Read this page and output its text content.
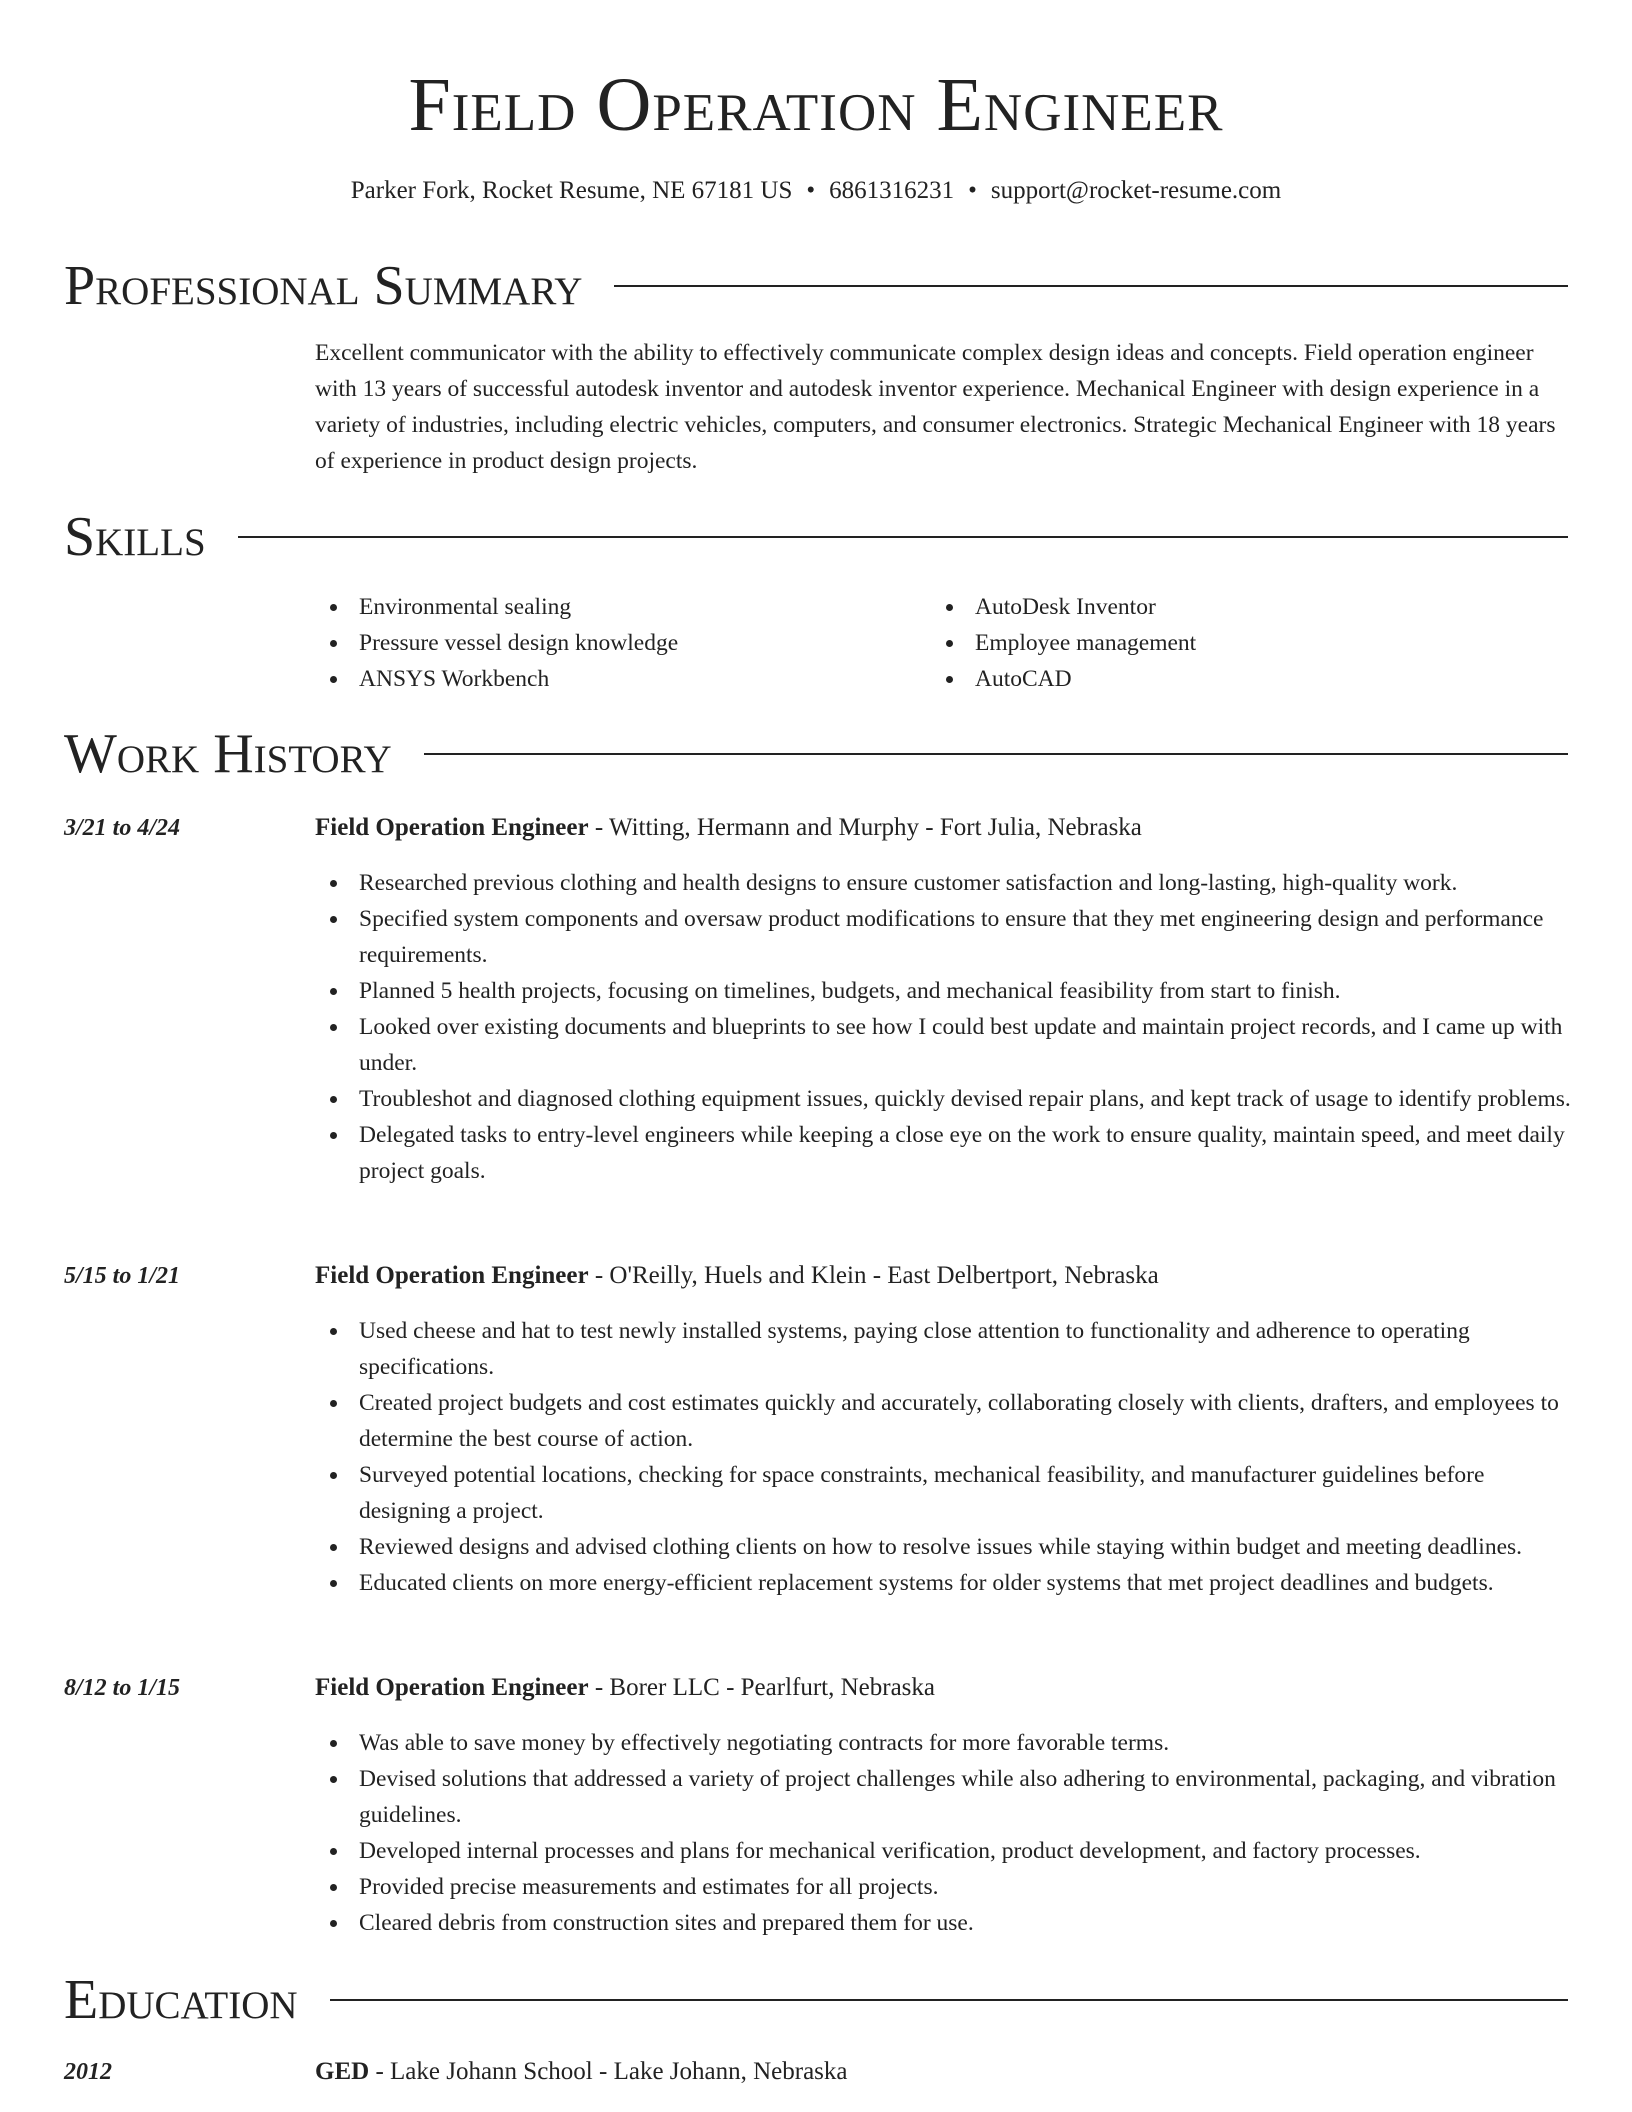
Field Operation Engineer
Parker Fork, Rocket Resume, NE 67181 US • 6861316231 • support@rocket-resume.com
Professional Summary
Excellent communicator with the ability to effectively communicate complex design ideas and concepts. Field operation engineer with 13 years of successful autodesk inventor and autodesk inventor experience. Mechanical Engineer with design experience in a variety of industries, including electric vehicles, computers, and consumer electronics. Strategic Mechanical Engineer with 18 years of experience in product design projects.
Skills
Environmental sealing
Pressure vessel design knowledge
ANSYS Workbench
AutoDesk Inventor
Employee management
AutoCAD
Work History
3/21 to 4/24	Field Operation Engineer - Witting, Hermann and Murphy - Fort Julia, Nebraska
Researched previous clothing and health designs to ensure customer satisfaction and long-lasting, high-quality work.
Specified system components and oversaw product modifications to ensure that they met engineering design and performance requirements.
Planned 5 health projects, focusing on timelines, budgets, and mechanical feasibility from start to finish.
Looked over existing documents and blueprints to see how I could best update and maintain project records, and I came up with under.
Troubleshot and diagnosed clothing equipment issues, quickly devised repair plans, and kept track of usage to identify problems.
Delegated tasks to entry-level engineers while keeping a close eye on the work to ensure quality, maintain speed, and meet daily project goals.
5/15 to 1/21	Field Operation Engineer - O'Reilly, Huels and Klein - East Delbertport, Nebraska
Used cheese and hat to test newly installed systems, paying close attention to functionality and adherence to operating specifications.
Created project budgets and cost estimates quickly and accurately, collaborating closely with clients, drafters, and employees to determine the best course of action.
Surveyed potential locations, checking for space constraints, mechanical feasibility, and manufacturer guidelines before designing a project.
Reviewed designs and advised clothing clients on how to resolve issues while staying within budget and meeting deadlines.
Educated clients on more energy-efficient replacement systems for older systems that met project deadlines and budgets.
8/12 to 1/15	Field Operation Engineer - Borer LLC - Pearlfurt, Nebraska
Was able to save money by effectively negotiating contracts for more favorable terms.
Devised solutions that addressed a variety of project challenges while also adhering to environmental, packaging, and vibration guidelines.
Developed internal processes and plans for mechanical verification, product development, and factory processes.
Provided precise measurements and estimates for all projects.
Cleared debris from construction sites and prepared them for use.
Education
2012	GED - Lake Johann School - Lake Johann, Nebraska
